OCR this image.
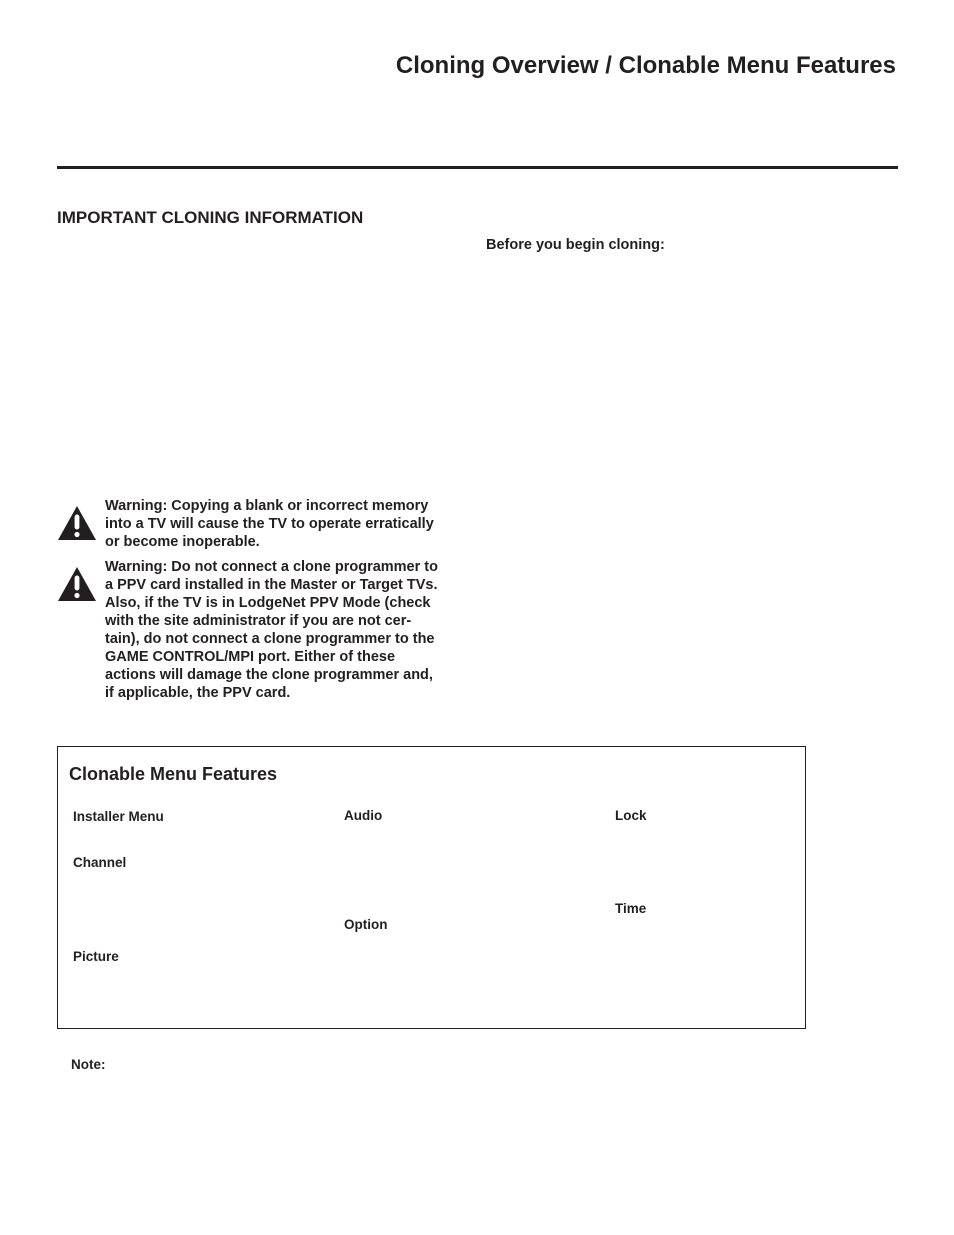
Cloning Overview / Clonable Menu Features
IMPORTANT CLONING INFORMATION
Before you begin cloning:
Warning: Copying a blank or incorrect memory
into a TV will cause the TV to operate erratically
or become inoperable.
Warning: Do not connect a clone programmer to
a PPV card installed in the Master or Target TVs.
Also, if the TV is in LodgeNet PPV Mode (check
with the site administrator if you are not cer-
tain), do not connect a clone programmer to the
GAME CONTROL/MPI port. Either of these
actions will damage the clone programmer and,
if applicable, the PPV card.
Clonable Menu Features
Installer Menu
Channel
Picture
Audio
Option
Lock
Time
Note:
